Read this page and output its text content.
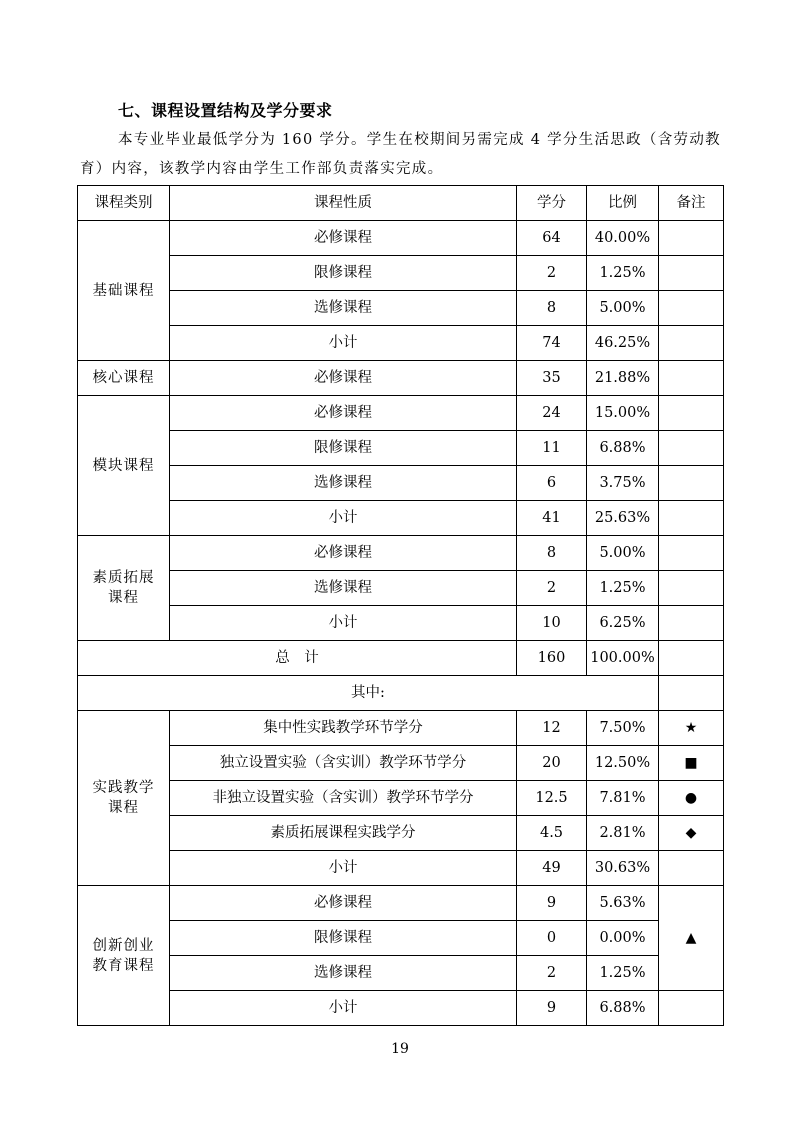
七、课程设置结构及学分要求
本专业毕业最低学分为 160 学分。学生在校期间另需完成 4 学分生活思政（含劳动教育）内容，该教学内容由学生工作部负责落实完成。
课程类别	课程性质	学分	比例	备注
基础课程	必修课程	64	40.00%	
	限修课程	2	1.25%	
	选修课程	8	5.00%	
	小计	74	46.25%	
核心课程	必修课程	35	21.88%	
模块课程	必修课程	24	15.00%	
	限修课程	11	6.88%	
	选修课程	6	3.75%	
	小计	41	25.63%	
素质拓展
课程	必修课程	8	5.00%	
	选修课程	2	1.25%	
	小计	10	6.25%	
总　计		160	100.00%	
其中:				
实践教学
课程	集中性实践教学环节学分	12	7.50%	★
	独立设置实验（含实训）教学环节学分	20	12.50%	■
	非独立设置实验（含实训）教学环节学分	12.5	7.81%	●
	素质拓展课程实践学分	4.5	2.81%	◆
	小计	49	30.63%	
创新创业
教育课程	必修课程	9	5.63%	▲
	限修课程	0	0.00%	
	选修课程	2	1.25%	
	小计	9	6.88%	
19
